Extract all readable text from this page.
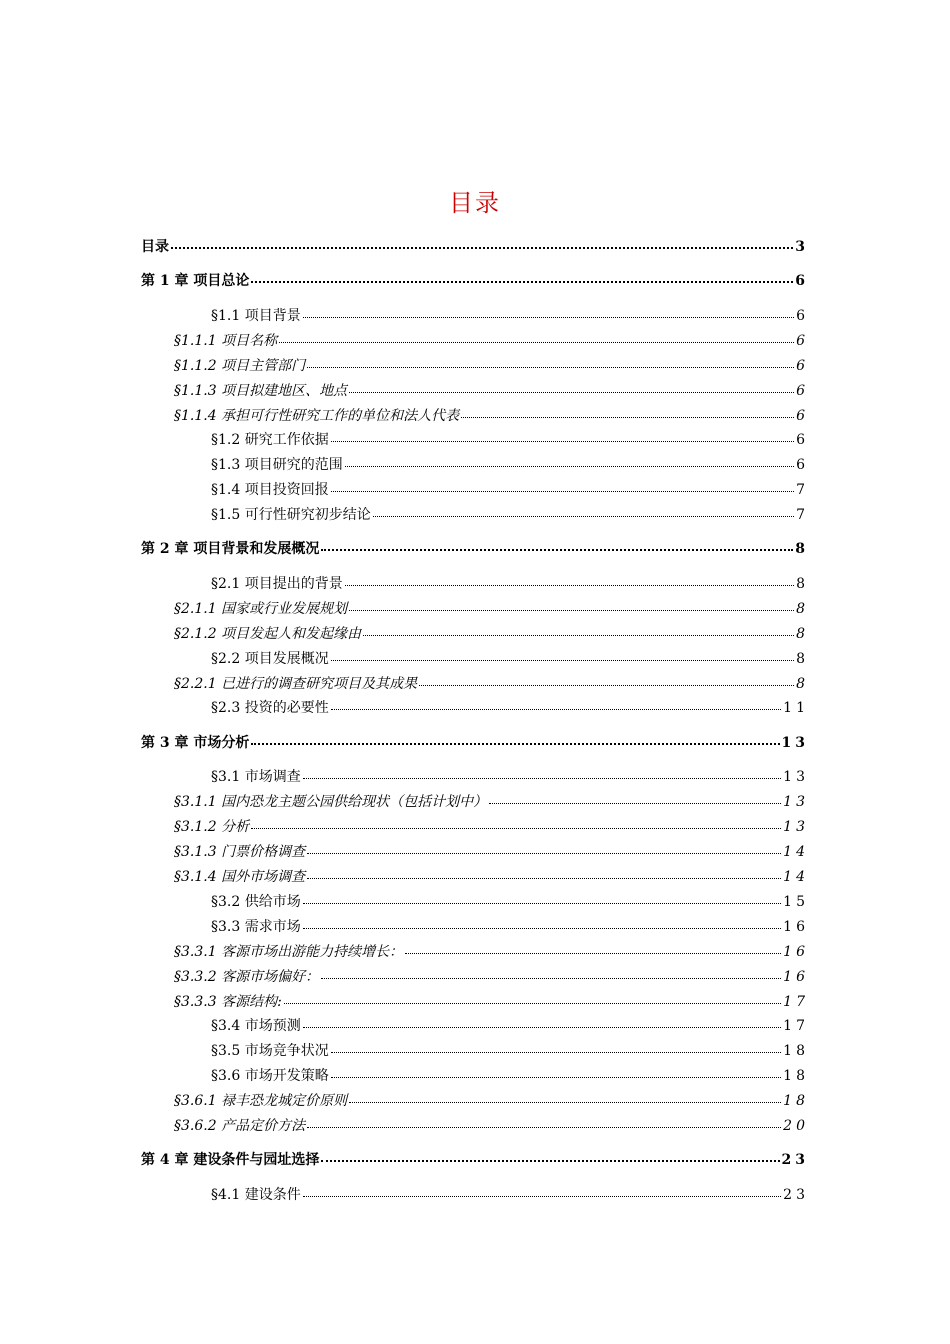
目录
目录	3
第 1 章 项目总论	6
§1.1 项目背景	6
§1.1.1 项目名称	6
§1.1.2 项目主管部门	6
§1.1.3 项目拟建地区、地点	6
§1.1.4 承担可行性研究工作的单位和法人代表	6
§1.2 研究工作依据	6
§1.3 项目研究的范围	6
§1.4 项目投资回报	7
§1.5 可行性研究初步结论	7
第 2 章 项目背景和发展概况	8
§2.1 项目提出的背景	8
§2.1.1 国家或行业发展规划	8
§2.1.2 项目发起人和发起缘由	8
§2.2 项目发展概况	8
§2.2.1 已进行的调查研究项目及其成果	8
§2.3 投资的必要性	11
第 3 章 市场分析	13
§3.1 市场调查	13
§3.1.1 国内恐龙主题公园供给现状（包括计划中）	13
§3.1.2 分析	13
§3.1.3 门票价格调查	14
§3.1.4 国外市场调查	14
§3.2 供给市场	15
§3.3 需求市场	16
§3.3.1 客源市场出游能力持续增长：	16
§3.3.2 客源市场偏好：	16
§3.3.3 客源结构:	17
§3.4 市场预测	17
§3.5 市场竞争状况	18
§3.6 市场开发策略	18
§3.6.1 禄丰恐龙城定价原则	18
§3.6.2 产品定价方法	20
第 4 章 建设条件与园址选择	23
§4.1 建设条件	23
